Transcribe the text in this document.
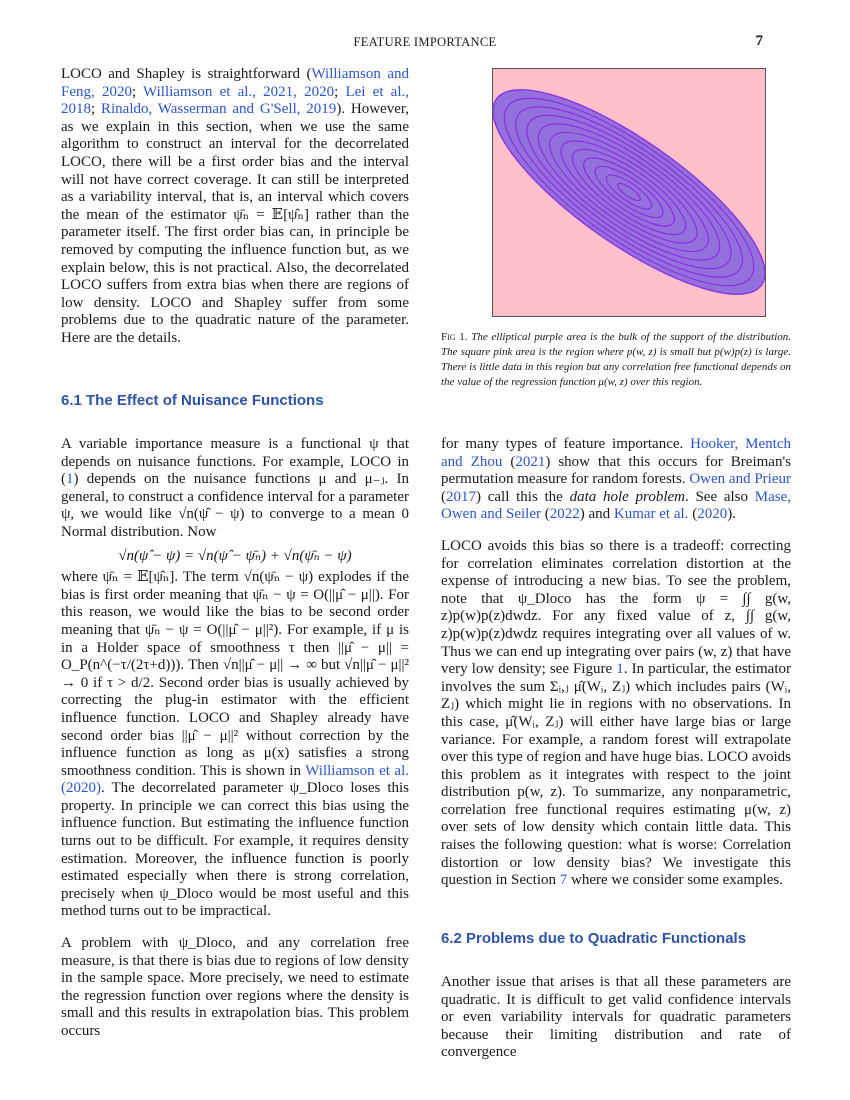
FEATURE IMPORTANCE	7
LOCO and Shapley is straightforward (Williamson and Feng, 2020; Williamson et al., 2021, 2020; Lei et al., 2018; Rinaldo, Wasserman and G'Sell, 2019). However, as we explain in this section, when we use the same algorithm to construct an interval for the decorrelated LOCO, there will be a first order bias and the interval will not have correct coverage. It can still be interpreted as a variability interval, that is, an interval which covers the mean of the estimator ψ̄ₙ = 𝔼[ψ̂ₙ] rather than the parameter itself. The first order bias can, in principle be removed by computing the influence function but, as we explain below, this is not practical. Also, the decorrelated LOCO suffers from extra bias when there are regions of low density. LOCO and Shapley suffer from some problems due to the quadratic nature of the parameter. Here are the details.
6.1 The Effect of Nuisance Functions

A variable importance measure is a functional ψ that depends on nuisance functions. For example, LOCO in (1) depends on the nuisance functions μ and μ₋ⱼ. In general, to construct a confidence interval for a parameter ψ, we would like √n(ψ̂ − ψ) to converge to a mean 0 Normal distribution. Now

√n(ψ̂ − ψ) = √n(ψ̂ − ψ̄ₙ) + √n(ψ̄ₙ − ψ)

where ψ̄ₙ = 𝔼[ψ̂ₙ]. The term √n(ψ̄ₙ − ψ) explodes if the bias is first order meaning that ψ̄ₙ − ψ = O(||μ̂ − μ||). For this reason, we would like the bias to be second order meaning that ψ̄ₙ − ψ = O(||μ̂ − μ||²). For example, if μ is in a Holder space of smoothness τ then ||μ̂ − μ|| = O_P(n^(−τ/(2τ+d))). Then √n||μ̂ − μ|| → ∞ but √n||μ̂ − μ||² → 0 if τ > d/2. Second order bias is usually achieved by correcting the plug-in estimator with the efficient influence function. LOCO and Shapley already have second order bias ||μ̂ − μ||² without correction by the influence function as long as μ(x) satisfies a strong smoothness condition. This is shown in Williamson et al. (2020). The decorrelated parameter ψ_Dloco loses this property. In principle we can correct this bias using the influence function. But estimating the influence function turns out to be difficult. For example, it requires density estimation. Moreover, the influence function is poorly estimated especially when there is strong correlation, precisely when ψ_Dloco would be most useful and this method turns out to be impractical.

A problem with ψ_Dloco, and any correlation free measure, is that there is bias due to regions of low density in the sample space. More precisely, we need to estimate the regression function over regions where the density is small and this results in extrapolation bias. This problem occurs

Fig 1. The elliptical purple area is the bulk of the support of the distribution. The square pink area is the region where p(w, z) is small but p(w)p(z) is large. There is little data in this region but any correlation free functional depends on the value of the regression function μ(w, z) over this region.

for many types of feature importance. Hooker, Mentch and Zhou (2021) show that this occurs for Breiman's permutation measure for random forests. Owen and Prieur (2017) call this the data hole problem. See also Mase, Owen and Seiler (2022) and Kumar et al. (2020).

LOCO avoids this bias so there is a tradeoff: correcting for correlation eliminates correlation distortion at the expense of introducing a new bias. To see the problem, note that ψ_Dloco has the form ψ = ∫∫ g(w, z)p(w)p(z)dwdz. For any fixed value of z, ∫∫ g(w, z)p(w)p(z)dwdz requires integrating over all values of w. Thus we can end up integrating over pairs (w, z) that have very low density; see Figure 1. In particular, the estimator involves the sum Σᵢ,ⱼ μ̂(Wᵢ, Zⱼ) which includes pairs (Wᵢ, Zⱼ) which might lie in regions with no observations. In this case, μ̂(Wᵢ, Zⱼ) will either have large bias or large variance. For example, a random forest will extrapolate over this type of region and have huge bias. LOCO avoids this problem as it integrates with respect to the joint distribution p(w, z). To summarize, any nonparametric, correlation free functional requires estimating μ(w, z) over sets of low density which contain little data. This raises the following question: what is worse: Correlation distortion or low density bias? We investigate this question in Section 7 where we consider some examples.

6.2 Problems due to Quadratic Functionals
Another issue that arises is that all these parameters are quadratic. It is difficult to get valid confidence intervals or even variability intervals for quadratic parameters because their limiting distribution and rate of convergence
